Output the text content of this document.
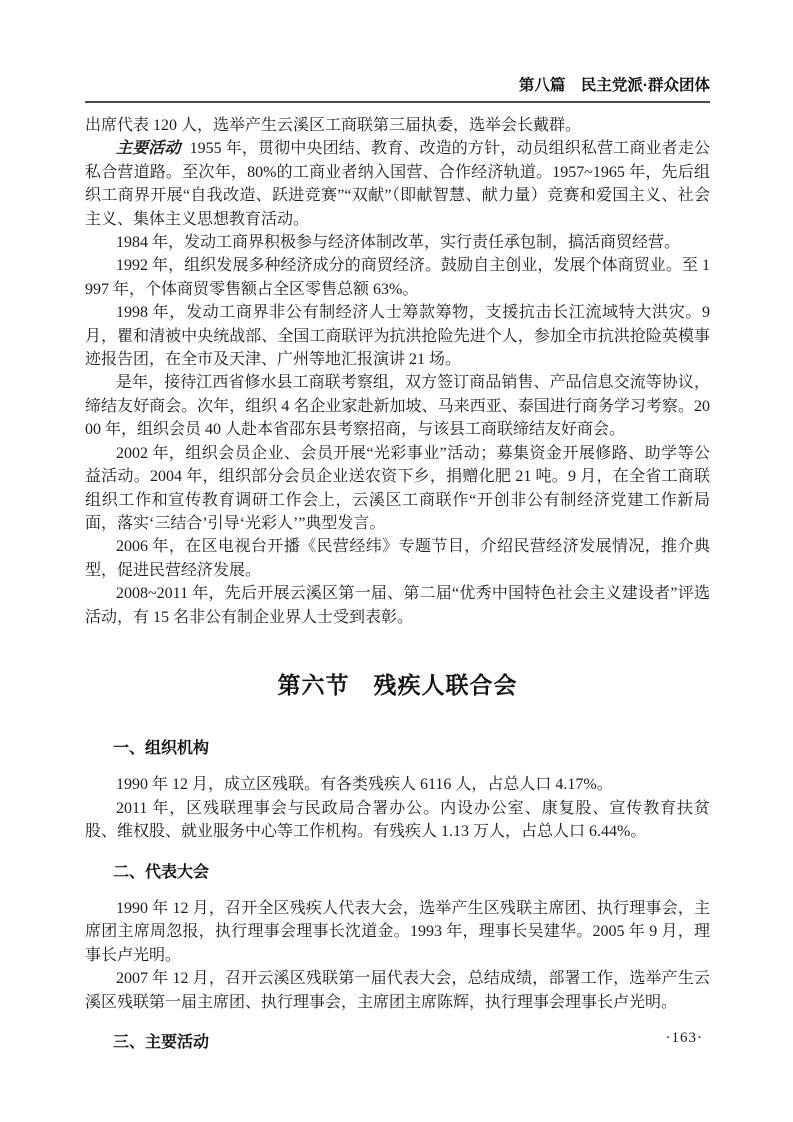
第八篇　民主党派·群众团体

出席代表 120 人，选举产生云溪区工商联第三届执委，选举会长戴群。

主要活动 1955 年，贯彻中央团结、教育、改造的方针，动员组织私营工商业者走公私合营道路。至次年，80%的工商业者纳入国营、合作经济轨道。1957~1965 年，先后组织工商界开展“自我改造、跃进竞赛”“双献”（即献智慧、献力量）竞赛和爱国主义、社会主义、集体主义思想教育活动。

1984 年，发动工商界积极参与经济体制改革，实行责任承包制，搞活商贸经营。

1992 年，组织发展多种经济成分的商贸经济。鼓励自主创业，发展个体商贸业。至 1997 年，个体商贸零售额占全区零售总额 63%。

1998 年，发动工商界非公有制经济人士筹款筹物，支援抗击长江流域特大洪灾。9 月，瞿和清被中央统战部、全国工商联评为抗洪抢险先进个人，参加全市抗洪抢险英模事迹报告团，在全市及天津、广州等地汇报演讲 21 场。

是年，接待江西省修水县工商联考察组，双方签订商品销售、产品信息交流等协议，缔结友好商会。次年，组织 4 名企业家赴新加坡、马来西亚、泰国进行商务学习考察。2000 年，组织会员 40 人赴本省邵东县考察招商，与该县工商联缔结友好商会。

2002 年，组织会员企业、会员开展“光彩事业”活动；募集资金开展修路、助学等公益活动。2004 年，组织部分会员企业送农资下乡，捐赠化肥 21 吨。9 月，在全省工商联组织工作和宣传教育调研工作会上，云溪区工商联作“开创非公有制经济党建工作新局面，落实‘三结合’引导‘光彩人’”典型发言。

2006 年，在区电视台开播《民营经纬》专题节目，介绍民营经济发展情况，推介典型，促进民营经济发展。

2008~2011 年，先后开展云溪区第一届、第二届“优秀中国特色社会主义建设者”评选活动，有 15 名非公有制企业界人士受到表彰。

第六节　残疾人联合会
一、组织机构

1990 年 12 月，成立区残联。有各类残疾人 6116 人，占总人口 4.17%。

2011 年，区残联理事会与民政局合署办公。内设办公室、康复股、宣传教育扶贫股、维权股、就业服务中心等工作机构。有残疾人 1.13 万人，占总人口 6.44%。

二、代表大会

1990 年 12 月，召开全区残疾人代表大会，选举产生区残联主席团、执行理事会，主席团主席周忽报，执行理事会理事长沈道金。1993 年，理事长吴建华。2005 年 9 月，理事长卢光明。

2007 年 12 月，召开云溪区残联第一届代表大会，总结成绩，部署工作，选举产生云溪区残联第一届主席团、执行理事会，主席团主席陈辉，执行理事会理事长卢光明。

三、主要活动	·163·
